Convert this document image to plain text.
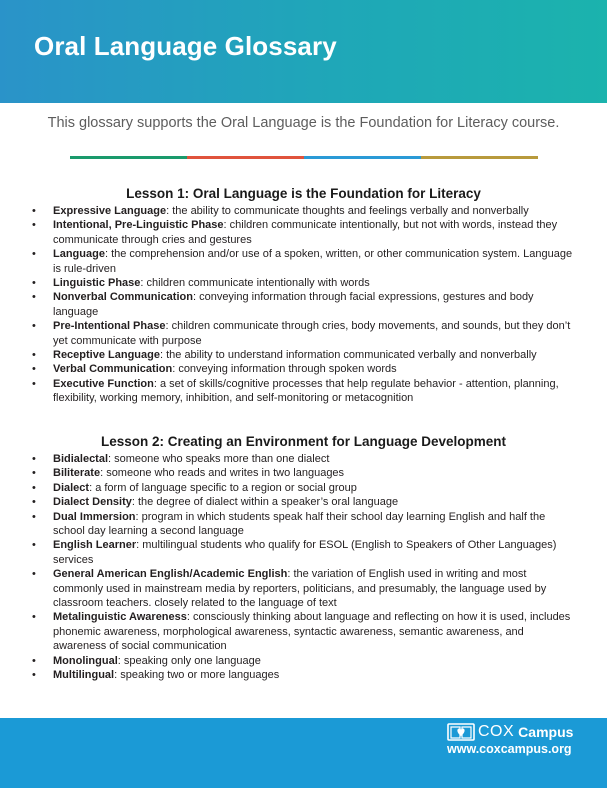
Oral Language Glossary
This glossary supports the Oral Language is the Foundation for Literacy course.
Lesson 1: Oral Language is the Foundation for Literacy
• Expressive Language: the ability to communicate thoughts and feelings verbally and nonverbally
• Intentional, Pre-Linguistic Phase: children communicate intentionally, but not with words, instead they communicate through cries and gestures
• Language: the comprehension and/or use of a spoken, written, or other communication system. Language is rule-driven
• Linguistic Phase: children communicate intentionally with words
• Nonverbal Communication: conveying information through facial expressions, gestures and body language
• Pre-Intentional Phase: children communicate through cries, body movements, and sounds, but they don’t yet communicate with purpose
• Receptive Language: the ability to understand information communicated verbally and nonverbally
• Verbal Communication: conveying information through spoken words
• Executive Function: a set of skills/cognitive processes that help regulate behavior - attention, planning, flexibility, working memory, inhibition, and self-monitoring or metacognition
Lesson 2: Creating an Environment for Language Development
• Bidialectal: someone who speaks more than one dialect
• Biliterate: someone who reads and writes in two languages
• Dialect: a form of language specific to a region or social group
• Dialect Density: the degree of dialect within a speaker’s oral language
• Dual Immersion: program in which students speak half their school day learning English and half the school day learning a second language
• English Learner: multilingual students who qualify for ESOL (English to Speakers of Other Languages) services
• General American English/Academic English: the variation of English used in writing and most commonly used in mainstream media by reporters, politicians, and presumably, the language used by classroom teachers. closely related to the language of text
• Metalinguistic Awareness: consciously thinking about language and reflecting on how it is used, includes phonemic awareness, morphological awareness, syntactic awareness, semantic awareness, and awareness of social communication
• Monolingual: speaking only one language
• Multilingual: speaking two or more languages
COX Campus
www.coxcampus.org
